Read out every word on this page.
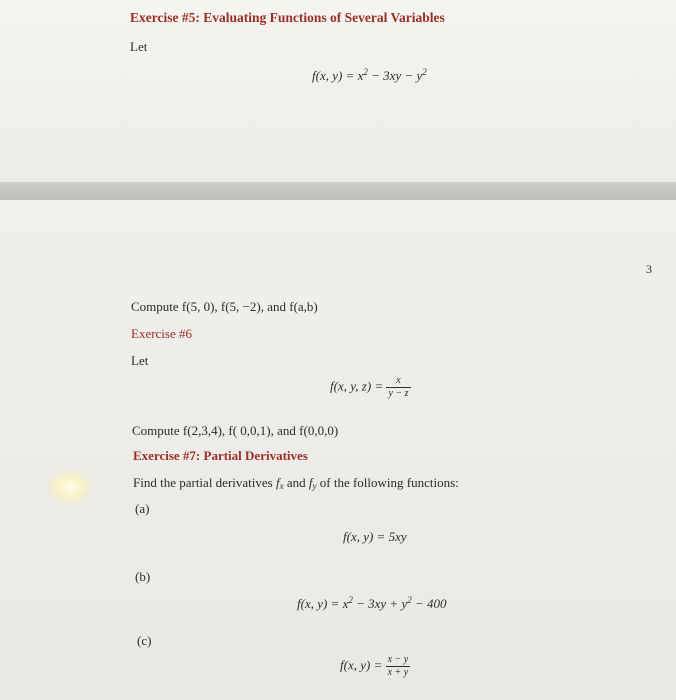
Exercise #5: Evaluating Functions of Several Variables
Let
f(x, $y) = x^2 - 3xy - y^2$
3
Compute f(5, 0), f(5, −2), and f(a,b)
Exercise #6
Let
f(x, y, $z) = \frac{x}{y - z}$
Compute f(2,3,4), f( 0,0,1), and f(0,0,0)
Exercise #7: Partial Derivatives
Find the partial derivatives $f_x$ and $f_y$ of the following functions:
(a)
f(x, y) = 5xy
(b)
f(x, $y) = x^2 - 3xy + y^2 - 400$
(c)
f(x, $y) = \frac{x - y}{x + y}$
